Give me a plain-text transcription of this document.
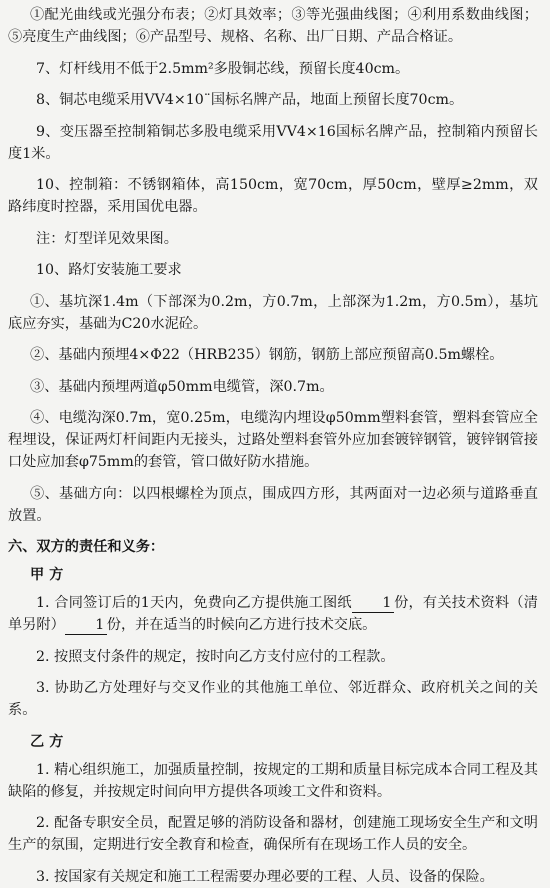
①配光曲线或光强分布表；②灯具效率；③等光强曲线图；④利用系数曲线图；⑤亮度生产曲线图；⑥产品型号、规格、名称、出厂日期、产品合格证。

7、灯杆线用不低于2.5mm²多股铜芯线，预留长度40cm。

8、铜芯电缆采用VV4×10¨国标名牌产品，地面上预留长度70cm。

9、变压器至控制箱铜芯多股电缆采用VV4×16国标名牌产品，控制箱内预留长度1米。

10、控制箱：不锈钢箱体，高150cm，宽70cm，厚50cm，壁厚≥2mm，双路纬度时控器，采用国优电器。

注：灯型详见效果图。

10、路灯安装施工要求

①、基坑深1.4m（下部深为0.2m，方0.7m，上部深为1.2m，方0.5m），基坑底应夯实，基础为C20水泥砼。

②、基础内预埋4×Φ22（HRB235）钢筋，钢筋上部应预留高0.5m螺栓。

③、基础内预埋两道φ50mm电缆管，深0.7m。

④、电缆沟深0.7m，宽0.25m，电缆沟内埋设φ50mm塑料套管，塑料套管应全程埋设，保证两灯杆间距内无接头，过路处塑料套管外应加套镀锌钢管，镀锌钢管接口处应加套φ75mm的套管，管口做好防水措施。

⑤、基础方向：以四根螺栓为顶点，围成四方形，其两面对一边必须与道路垂直放置。

六、双方的责任和义务：

甲 方

1. 合同签订后的1天内，免费向乙方提供施工图纸 1 份，有关技术资料（清单另附） 1 份，并在适当的时候向乙方进行技术交底。

2. 按照支付条件的规定，按时向乙方支付应付的工程款。

3. 协助乙方处理好与交叉作业的其他施工单位、邻近群众、政府机关之间的关系。

乙 方

1. 精心组织施工，加强质量控制，按规定的工期和质量目标完成本合同工程及其缺陷的修复，并按规定时间向甲方提供各项竣工文件和资料。

2. 配备专职安全员，配置足够的消防设备和器材，创建施工现场安全生产和文明生产的氛围，定期进行安全教育和检查，确保所有在现场工作人员的安全。

3. 按国家有关规定和施工工程需要办理必要的工程、人员、设备的保险。
